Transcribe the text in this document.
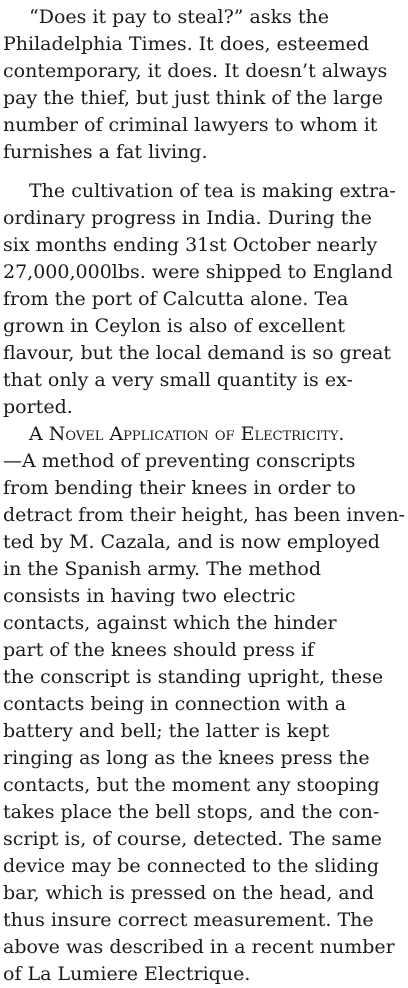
“Does it pay to steal?” asks the
Philadelphia Times. It does, esteemed
contemporary, it does. It doesn’t always
pay the thief, but just think of the large
number of criminal lawyers to whom it
furnishes a fat living.
The cultivation of tea is making extra-
ordinary progress in India. During the
six months ending 31st October nearly
27,000,000lbs. were shipped to England
from the port of Calcutta alone. Tea
grown in Ceylon is also of excellent
flavour, but the local demand is so great
that only a very small quantity is ex-
ported.
A Novel Application of Electricity.
—A method of preventing conscripts
from bending their knees in order to
detract from their height, has been inven-
ted by M. Cazala, and is now employed
in the Spanish army. The method
consists in having two electric
contacts, against which the hinder
part of the knees should press if
the conscript is standing upright, these
contacts being in connection with a
battery and bell; the latter is kept
ringing as long as the knees press the
contacts, but the moment any stooping
takes place the bell stops, and the con-
script is, of course, detected. The same
device may be connected to the sliding
bar, which is pressed on the head, and
thus insure correct measurement. The
above was described in a recent number
of La Lumiere Electrique.
